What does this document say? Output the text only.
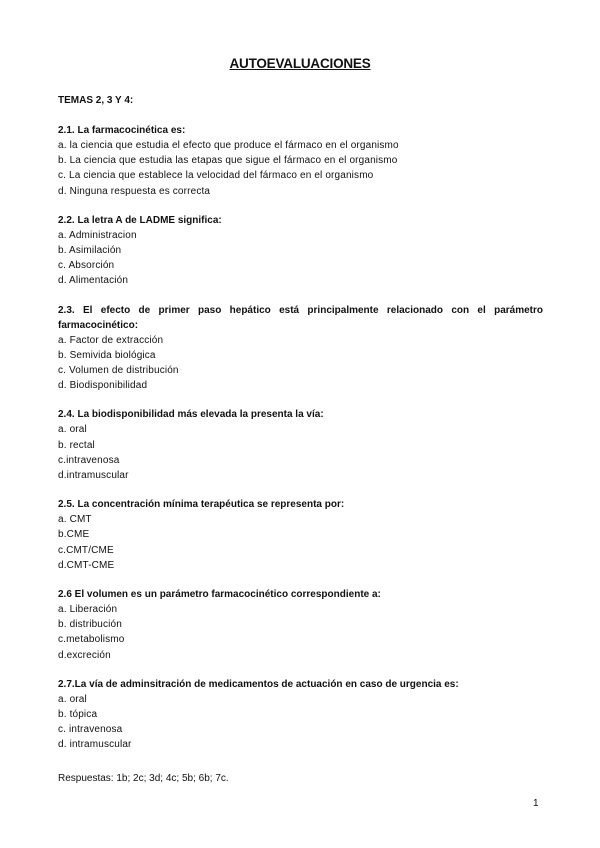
AUTOEVALUACIONES
TEMAS 2, 3 Y 4:
2.1. La farmacocinética es:
a. la ciencia que estudia el efecto que produce el fármaco en el organismo
b. La ciencia que estudia las etapas que sigue el fármaco en el organismo
c. La ciencia que establece la velocidad del fármaco en el organismo
d. Ninguna respuesta es correcta
2.2. La letra A de LADME significa:
a. Administracion
b. Asimilación
c. Absorción
d. Alimentación
2.3. El efecto de primer paso hepático está principalmente relacionado con el parámetro farmacocinético:
a. Factor de extracción
b. Semivida biológica
c. Volumen de distribución
d. Biodisponibilidad
2.4. La biodisponibilidad más elevada la presenta la vía:
a. oral
b. rectal
c.intravenosa
d.intramuscular
2.5. La concentración mínima terapéutica se representa por:
a. CMT
b.CME
c.CMT/CME
d.CMT-CME
2.6 El volumen es un parámetro farmacocinético correspondiente a:
a. Liberación
b. distribución
c.metabolismo
d.excreción
2.7.La vía de adminsitración de medicamentos de actuación en caso de urgencia es:
a. oral
b. tópica
c. intravenosa
d. intramuscular
Respuestas: 1b; 2c; 3d; 4c; 5b; 6b; 7c.
1
